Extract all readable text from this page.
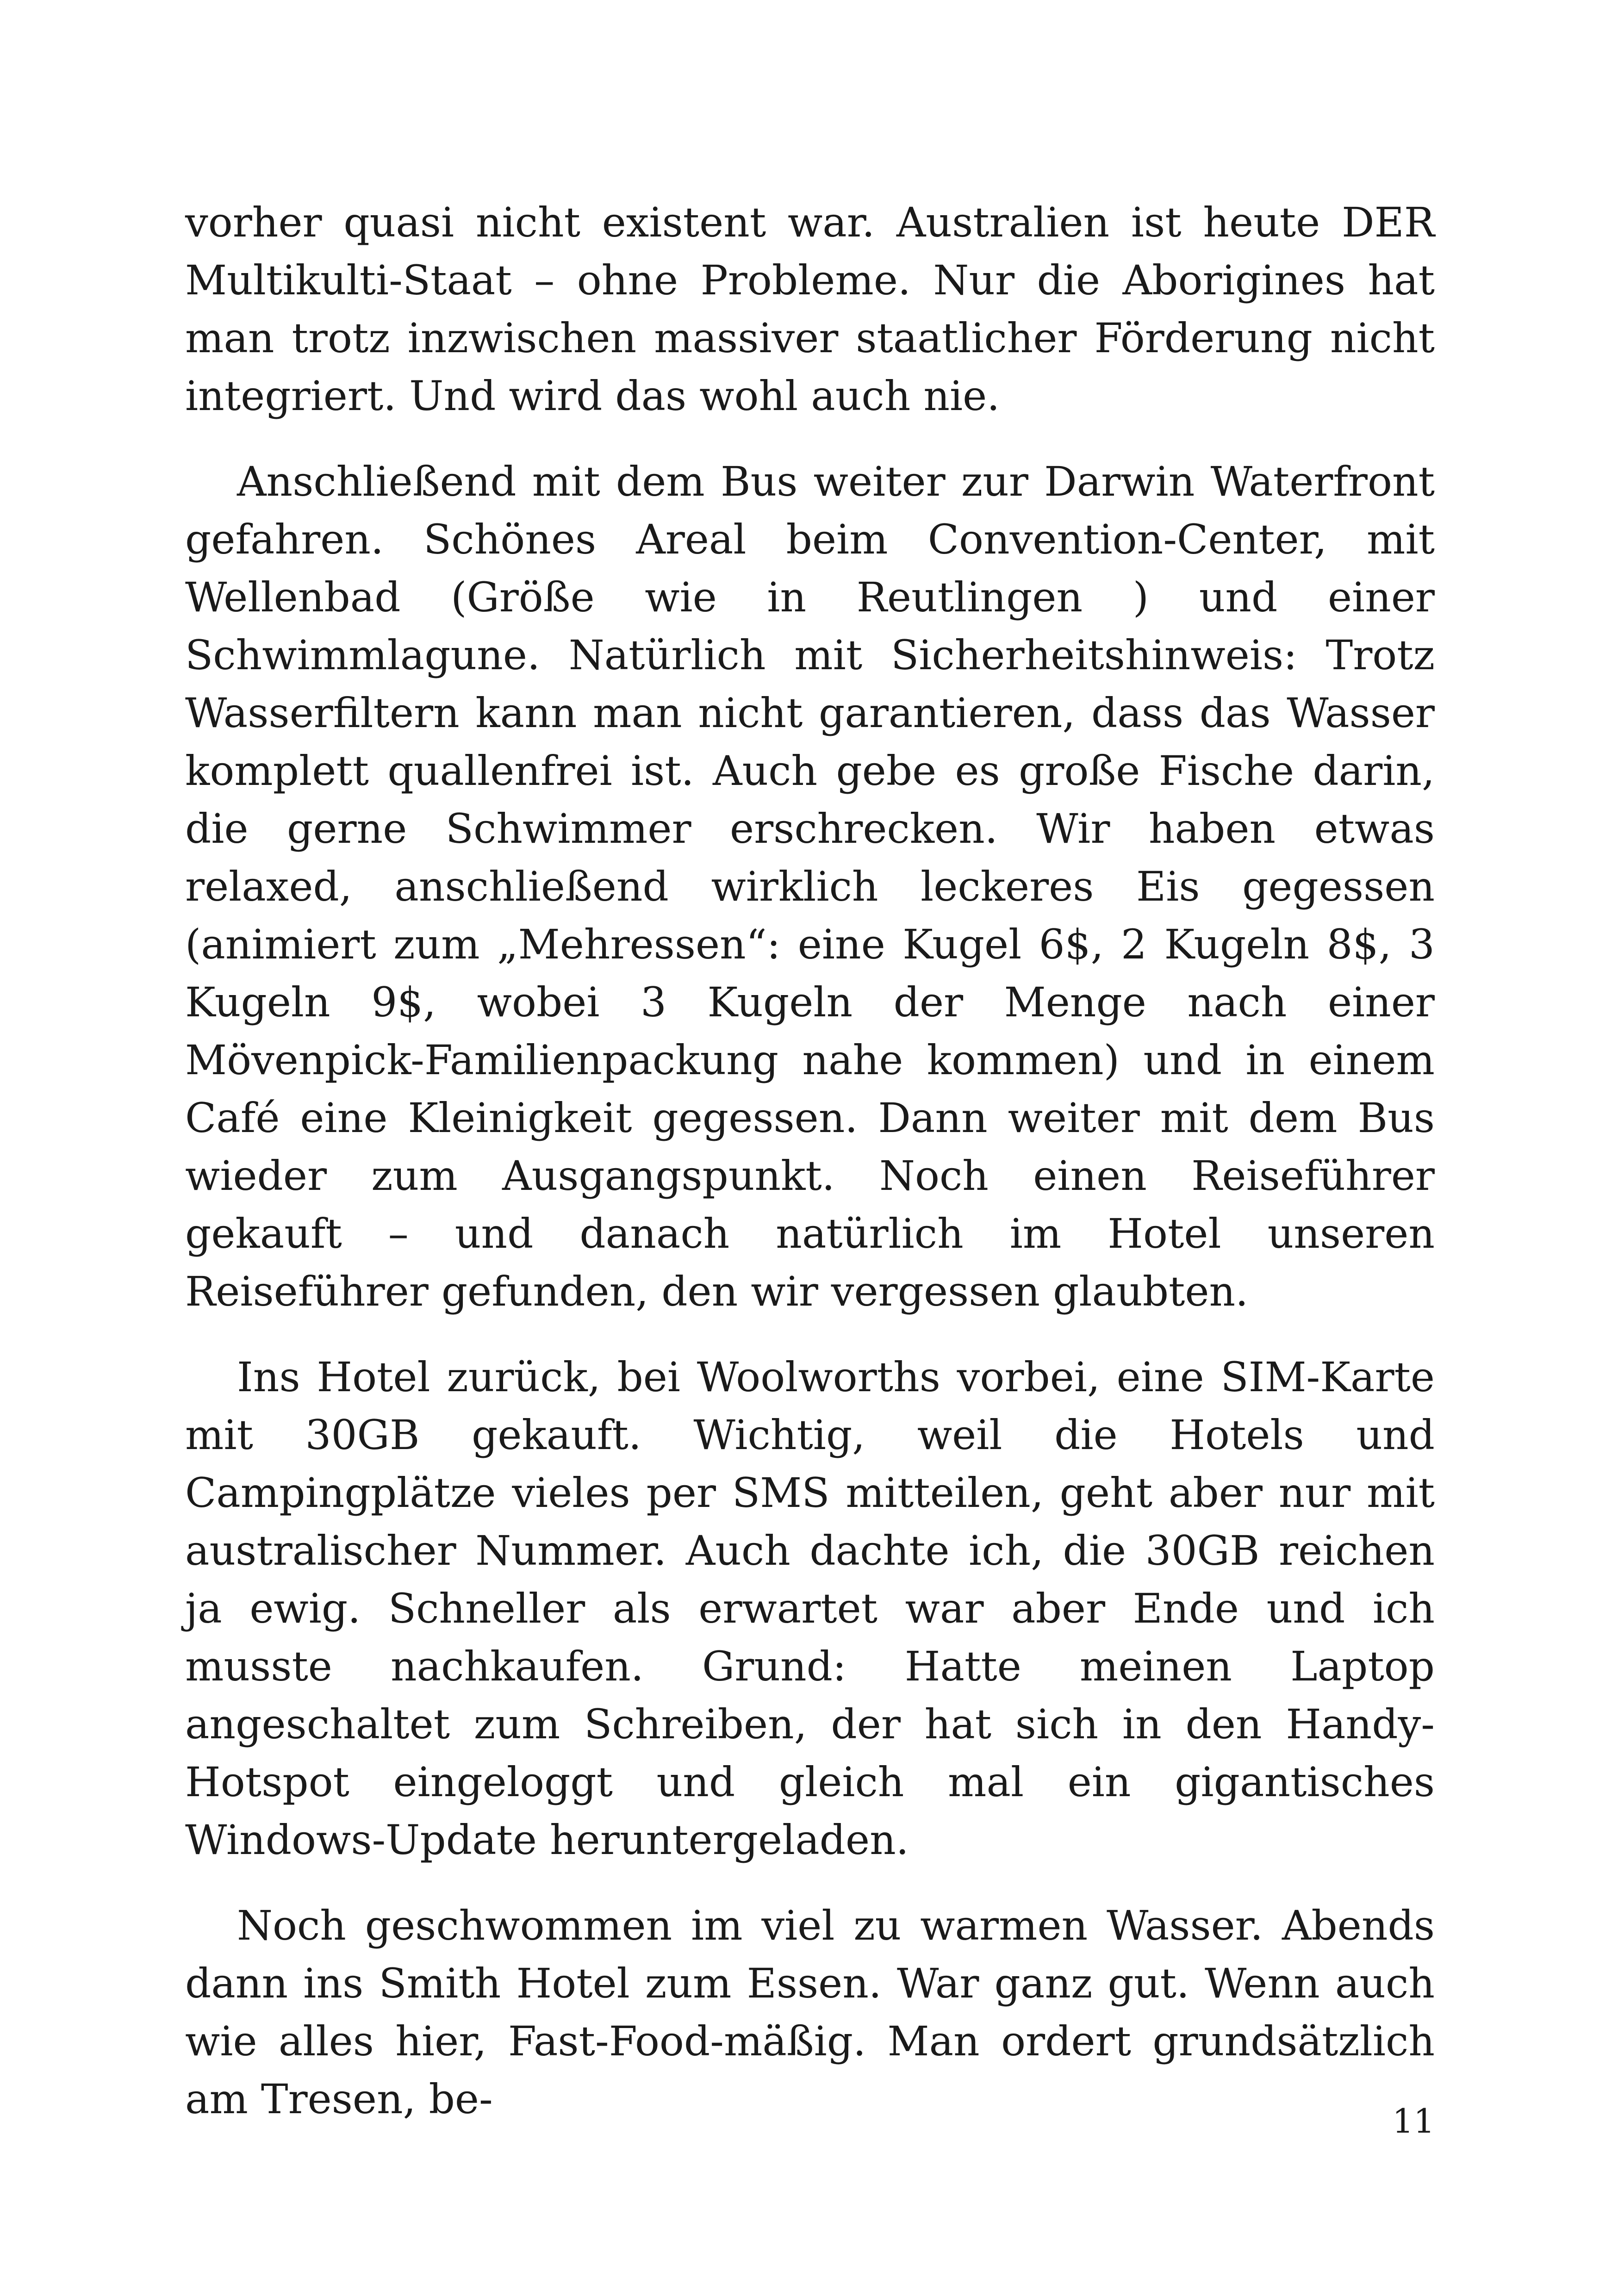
vorher quasi nicht existent war. Australien ist heute DER Multikulti-Staat – ohne Probleme. Nur die Aborigines hat man trotz inzwischen massiver staatlicher Förderung nicht integriert. Und wird das wohl auch nie.

Anschließend mit dem Bus weiter zur Darwin Waterfront gefahren. Schönes Areal beim Convention-Center, mit Wellenbad (Größe wie in Reutlingen ) und einer Schwimmlagune. Natürlich mit Sicherheitshinweis: Trotz Wasserfiltern kann man nicht garantieren, dass das Wasser komplett quallenfrei ist. Auch gebe es große Fische darin, die gerne Schwimmer erschrecken. Wir haben etwas relaxed, anschließend wirklich leckeres Eis gegessen (animiert zum „Mehressen“: eine Kugel 6$, 2 Kugeln 8$, 3 Kugeln 9$, wobei 3 Kugeln der Menge nach einer Mövenpick-Familienpackung nahe kommen) und in einem Café eine Kleinigkeit gegessen. Dann weiter mit dem Bus wieder zum Ausgangspunkt. Noch einen Reiseführer gekauft – und danach natürlich im Hotel unseren Reiseführer gefunden, den wir vergessen glaubten.

Ins Hotel zurück, bei Woolworths vorbei, eine SIM-Karte mit 30GB gekauft. Wichtig, weil die Hotels und Campingplätze vieles per SMS mitteilen, geht aber nur mit australischer Nummer. Auch dachte ich, die 30GB reichen ja ewig. Schneller als erwartet war aber Ende und ich musste nachkaufen. Grund: Hatte meinen Laptop angeschaltet zum Schreiben, der hat sich in den Handy-Hotspot eingeloggt und gleich mal ein gigantisches Windows-Update heruntergeladen.

Noch geschwommen im viel zu warmen Wasser. Abends dann ins Smith Hotel zum Essen. War ganz gut. Wenn auch wie alles hier, Fast-Food-mäßig. Man ordert grundsätzlich am Tresen, be-	11
